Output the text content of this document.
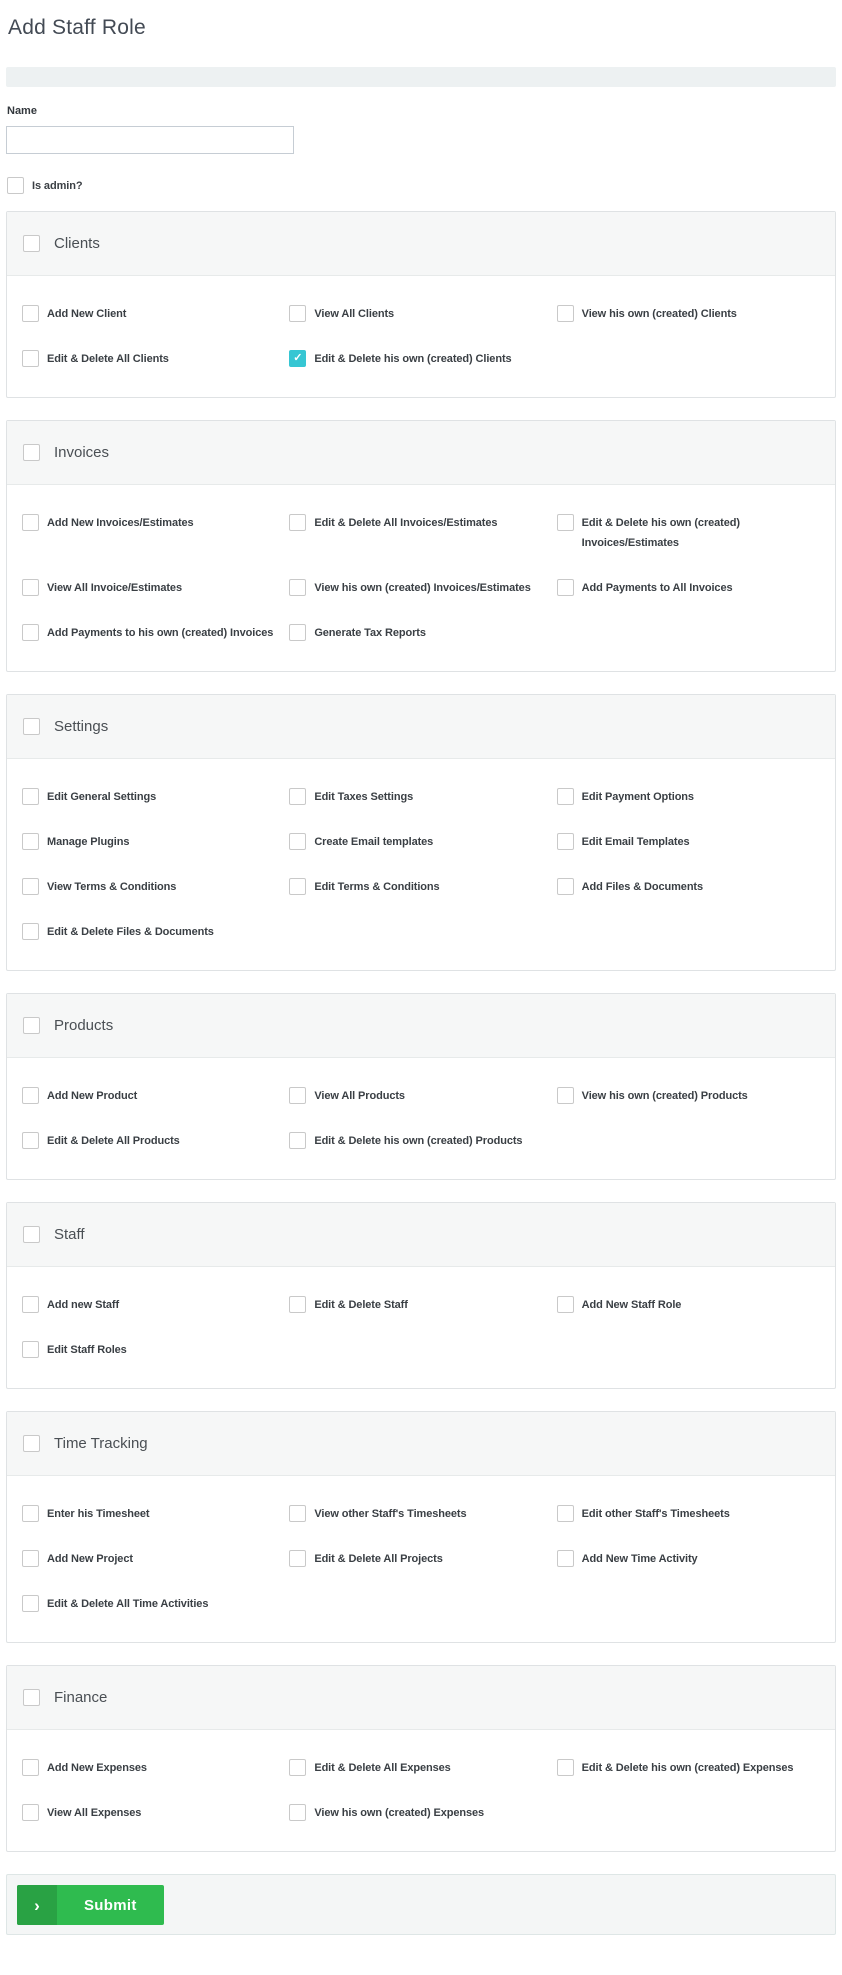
Add Staff Role
Name
Is admin?
Clients
Add New Client	View All Clients	View his own (created) Clients
Edit & Delete All Clients	✓	Edit & Delete his own (created) Clients
Invoices
Add New Invoices/Estimates	Edit & Delete All Invoices/Estimates	Edit & Delete his own (created) Invoices/Estimates
View All Invoice/Estimates	View his own (created) Invoices/Estimates	Add Payments to All Invoices
Add Payments to his own (created) Invoices	Generate Tax Reports
Settings
Edit General Settings	Edit Taxes Settings	Edit Payment Options
Manage Plugins	Create Email templates	Edit Email Templates
View Terms & Conditions	Edit Terms & Conditions	Add Files & Documents
Edit & Delete Files & Documents
Products
Add New Product	View All Products	View his own (created) Products
Edit & Delete All Products	Edit & Delete his own (created) Products
Staff
Add new Staff	Edit & Delete Staff	Add New Staff Role
Edit Staff Roles
Time Tracking
Enter his Timesheet	View other Staff's Timesheets	Edit other Staff's Timesheets
Add New Project	Edit & Delete All Projects	Add New Time Activity
Edit & Delete All Time Activities
Finance
Add New Expenses	Edit & Delete All Expenses	Edit & Delete his own (created) Expenses
View All Expenses	View his own (created) Expenses
›	Submit
